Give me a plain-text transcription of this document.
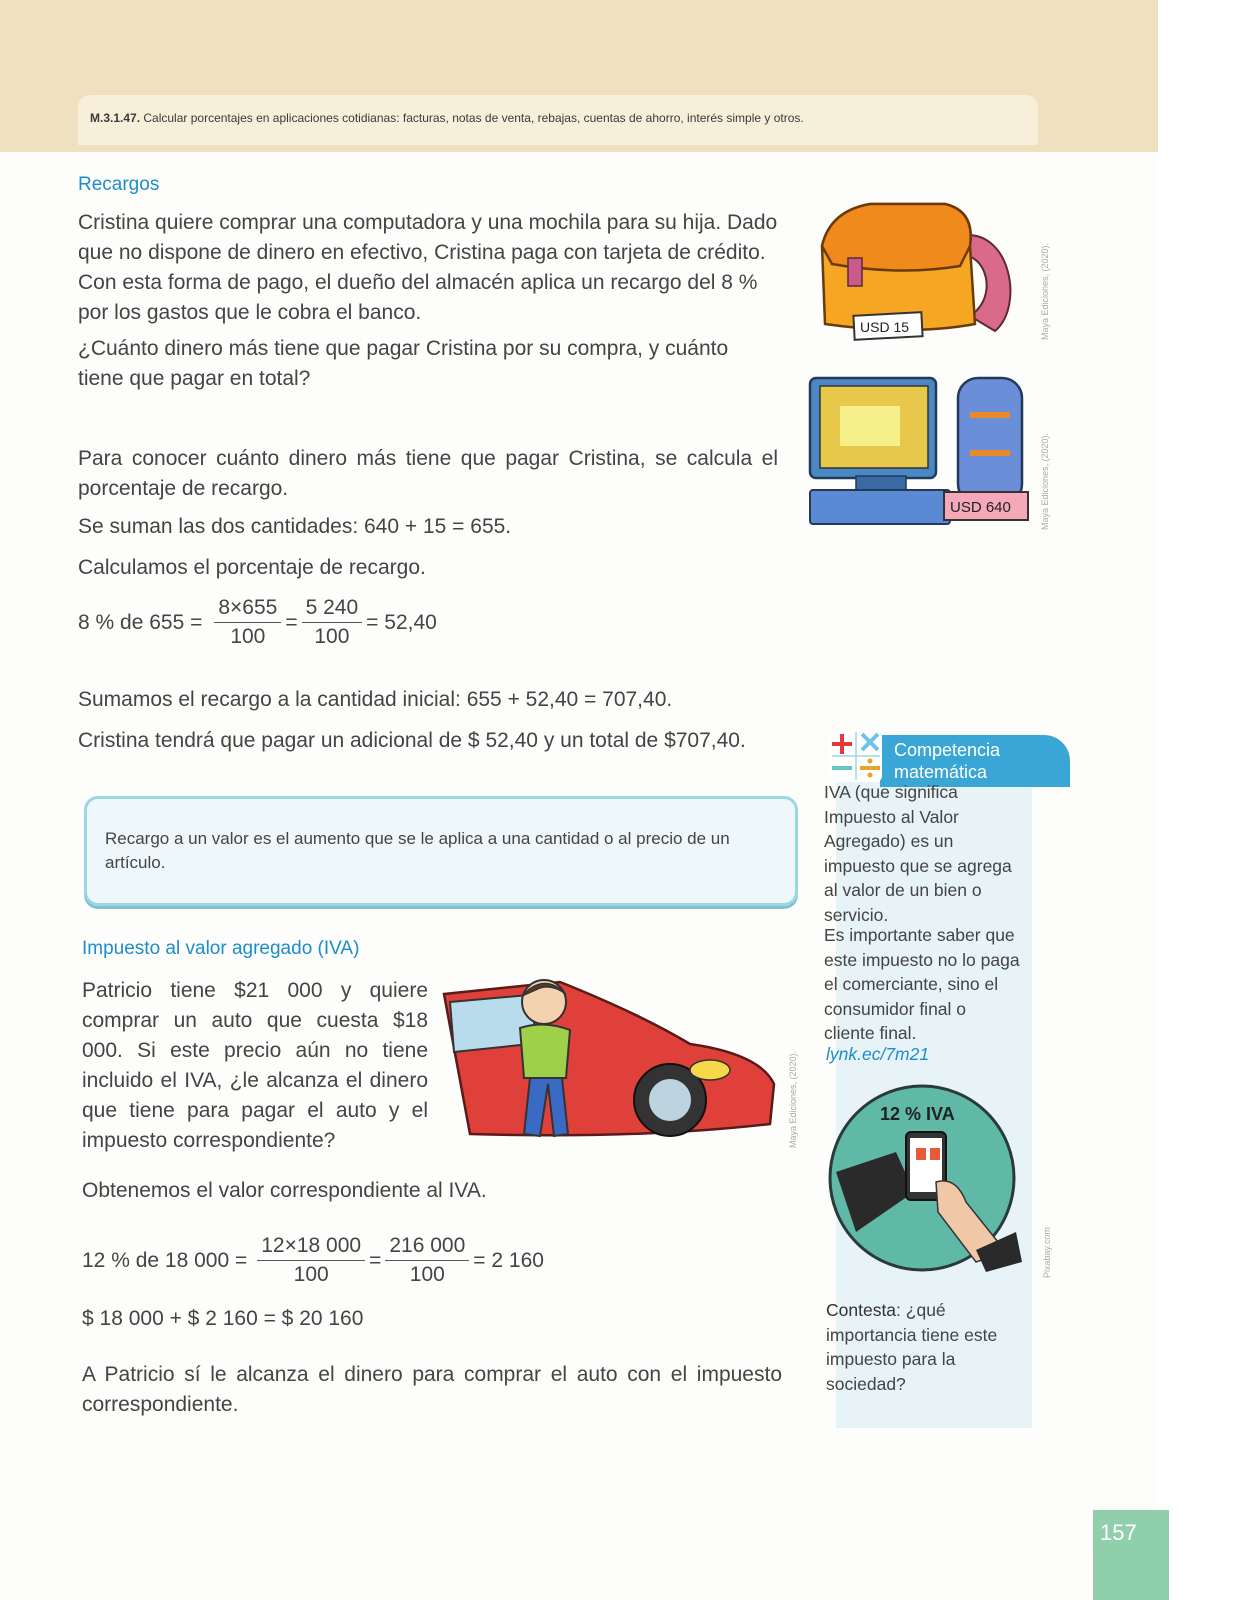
M.3.1.47. Calcular porcentajes en aplicaciones cotidianas: facturas, notas de venta, rebajas, cuentas de ahorro, interés simple y otros.
Recargos
Cristina quiere comprar una computadora y una mochila para su hija. Dado que no dispone de dinero en efectivo, Cristina paga con tarjeta de crédito. Con esta forma de pago, el dueño del almacén aplica un recargo del 8 % por los gastos que le cobra el banco.
¿Cuánto dinero más tiene que pagar Cristina por su compra, y cuánto tiene que pagar en total?
Para conocer cuánto dinero más tiene que pagar Cristina, se calcula el porcentaje de recargo.
Se suman las dos cantidades: 640 + 15 = 655.
Calculamos el porcentaje de recargo.
8 % de $655 = \frac{8\times 655}{100} = \frac{5 240}{100} = 52,40$
Sumamos el recargo a la cantidad inicial: 655 + 52,40 = 707,40.
Cristina tendrá que pagar un adicional de $ 52,40 y un total de $707,40.

Recargo a un valor es el aumento que se le aplica a una cantidad o al precio de un artículo.

USD 15	Maya Ediciones, (2020).
USD 640	Maya Ediciones, (2020).
Impuesto al valor agregado (IVA)
Patricio tiene $21 000 y quiere comprar un auto que cuesta $18 000. Si este precio aún no tiene incluido el IVA, ¿le alcanza el dinero que tiene para pagar el auto y el impuesto correspondiente?	Maya Ediciones, (2020).
Obtenemos el valor correspondiente al IVA.
12 % de 18 $000 = \frac{12\times 18 000}{100} = \frac{216 000}{100} = 2$ 160
$ 18 000 + $ 2 160 = $ 20 160
A Patricio sí le alcanza el dinero para comprar el auto con el impuesto correspondiente.
Competencia
matemática
IVA (que significa Impuesto al Valor Agregado) es un impuesto que se agrega al valor de un bien o servicio.
Es importante saber que este impuesto no lo paga el comerciante, sino el consumidor final o cliente final.
lynk.ec/7m21
12 % IVA
Pixabay.com
Contesta: ¿qué importancia tiene este impuesto para la sociedad?
157
